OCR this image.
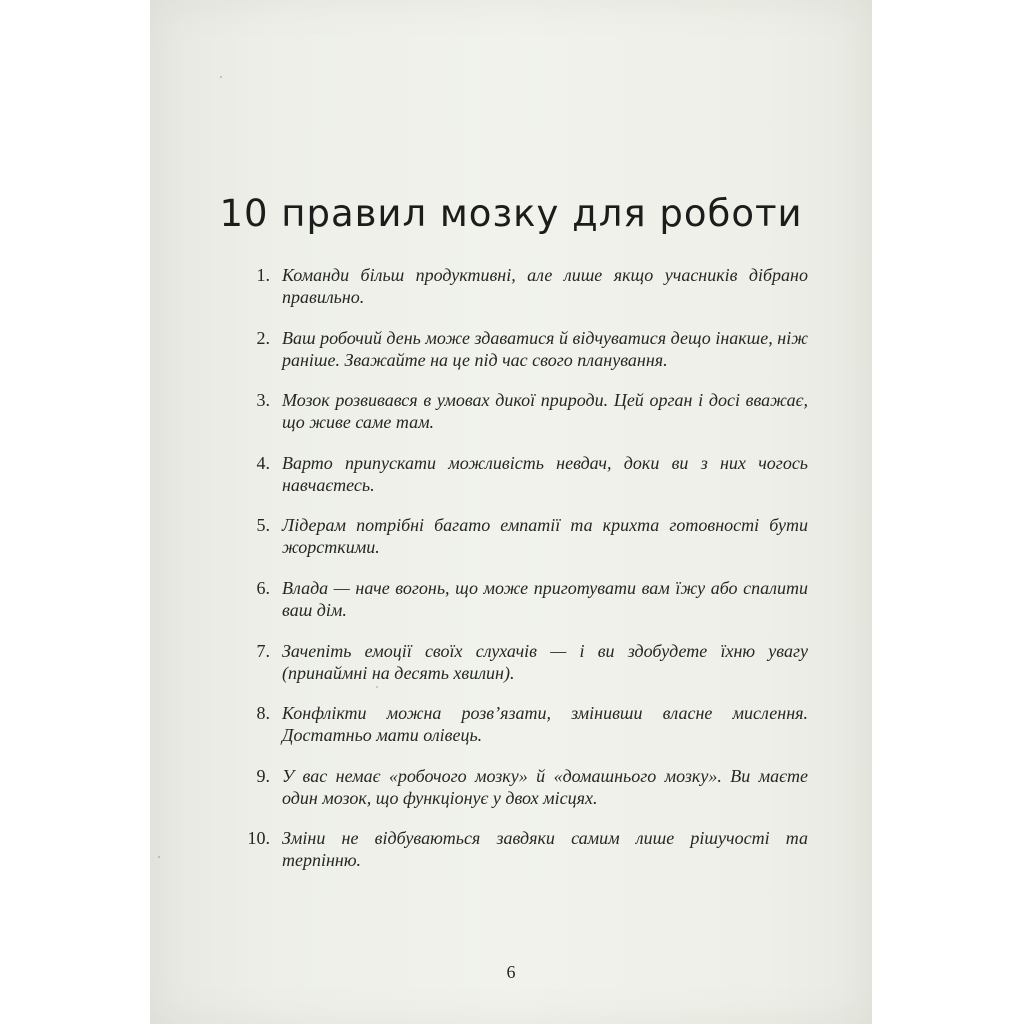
10 правил мозку для роботи
1. Команди більш продуктивні, але лише якщо учасників дібрано правильно.
2. Ваш робочий день може здаватися й відчуватися дещо інакше, ніж раніше. Зважайте на це під час свого планування.
3. Мозок розвивався в умовах дикої природи. Цей орган і досі вважає, що живе саме там.
4. Варто припускати можливість невдач, доки ви з них чогось навчаєтесь.
5. Лідерам потрібні багато емпатії та крихта готовності бути жорсткими.
6. Влада — наче вогонь, що може приготувати вам їжу або спалити ваш дім.
7. Зачепіть емоції своїх слухачів — і ви здобудете їхню увагу (принаймні на десять хвилин).
8. Конфлікти можна розв’язати, змінивши власне мислення. Достатньо мати олівець.
9. У вас немає «робочого мозку» й «домашнього мозку». Ви маєте один мозок, що функціонує у двох місцях.
10. Зміни не відбуваються завдяки самим лише рішучості та терпінню.
6
